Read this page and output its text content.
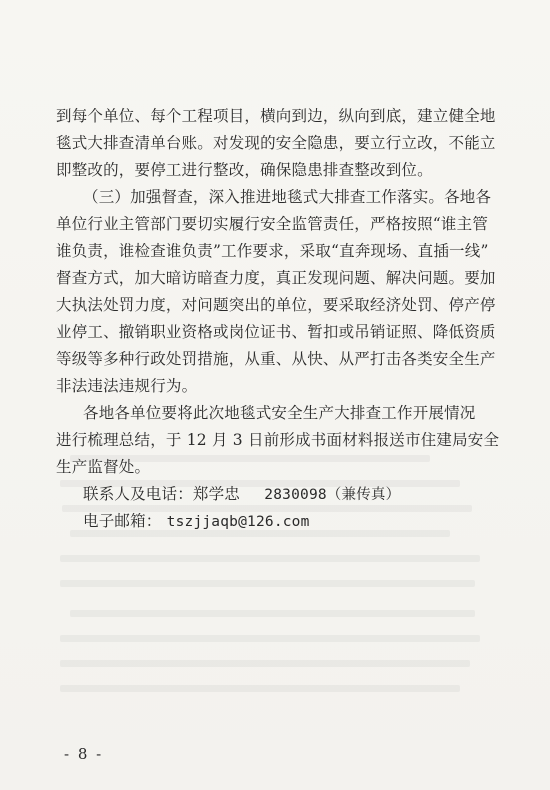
到每个单位、每个工程项目，横向到边，纵向到底，建立健全地
毯式大排查清单台账。对发现的安全隐患，要立行立改，不能立
即整改的，要停工进行整改，确保隐患排查整改到位。
（三）加强督查，深入推进地毯式大排查工作落实。各地各
单位行业主管部门要切实履行安全监管责任，严格按照“谁主管
谁负责，谁检查谁负责”工作要求，采取“直奔现场、直插一线”
督查方式，加大暗访暗查力度，真正发现问题、解决问题。要加
大执法处罚力度，对问题突出的单位，要采取经济处罚、停产停
业停工、撤销职业资格或岗位证书、暂扣或吊销证照、降低资质
等级等多种行政处罚措施，从重、从快、从严打击各类安全生产
非法违法违规行为。
各地各单位要将此次地毯式安全生产大排查工作开展情况
进行梳理总结，于 12 月 3 日前形成书面材料报送市住建局安全
生产监督处。
联系人及电话：郑学忠 2830098（兼传真）
电子邮箱： tszjjaqb@126.com
- 8 -
